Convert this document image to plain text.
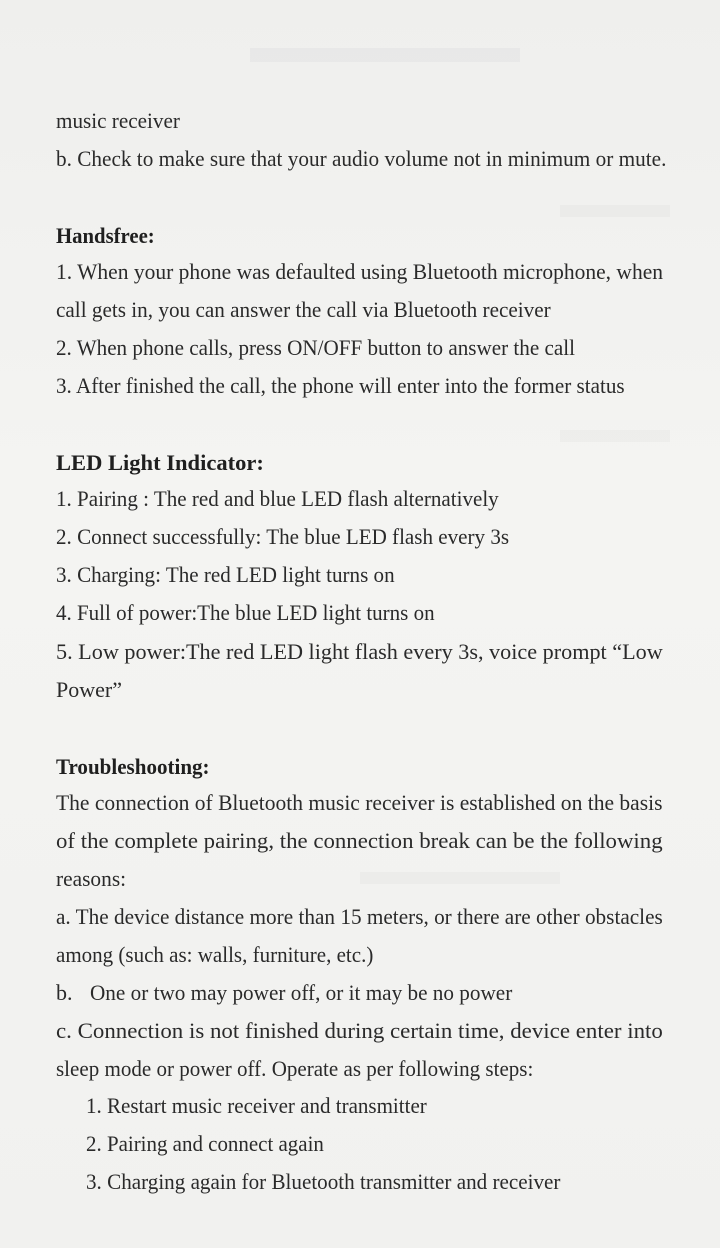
music receiver
b. Check to make sure that your audio volume not in minimum or mute.
Handsfree:
1. When your phone was defaulted using Bluetooth microphone, when
call gets in, you can answer the call via Bluetooth receiver
2. When phone calls, press ON/OFF button to answer the call
3. After finished the call, the phone will enter into the former status
LED Light Indicator:
1. Pairing : The red and blue LED flash alternatively
2. Connect successfully: The blue LED flash every 3s
3. Charging: The red LED light turns on
4. Full of power:The blue LED light turns on
5. Low power:The red LED light flash every 3s, voice prompt “Low
Power”
Troubleshooting:
The connection of Bluetooth music receiver is established on the basis
of the complete pairing, the connection break can be the following
reasons:
a. The device distance more than 15 meters, or there are other obstacles
among (such as: walls, furniture, etc.)
b. One or two may power off, or it may be no power
c. Connection is not finished during certain time, device enter into
sleep mode or power off. Operate as per following steps:
1. Restart music receiver and transmitter
2. Pairing and connect again
3. Charging again for Bluetooth transmitter and receiver
